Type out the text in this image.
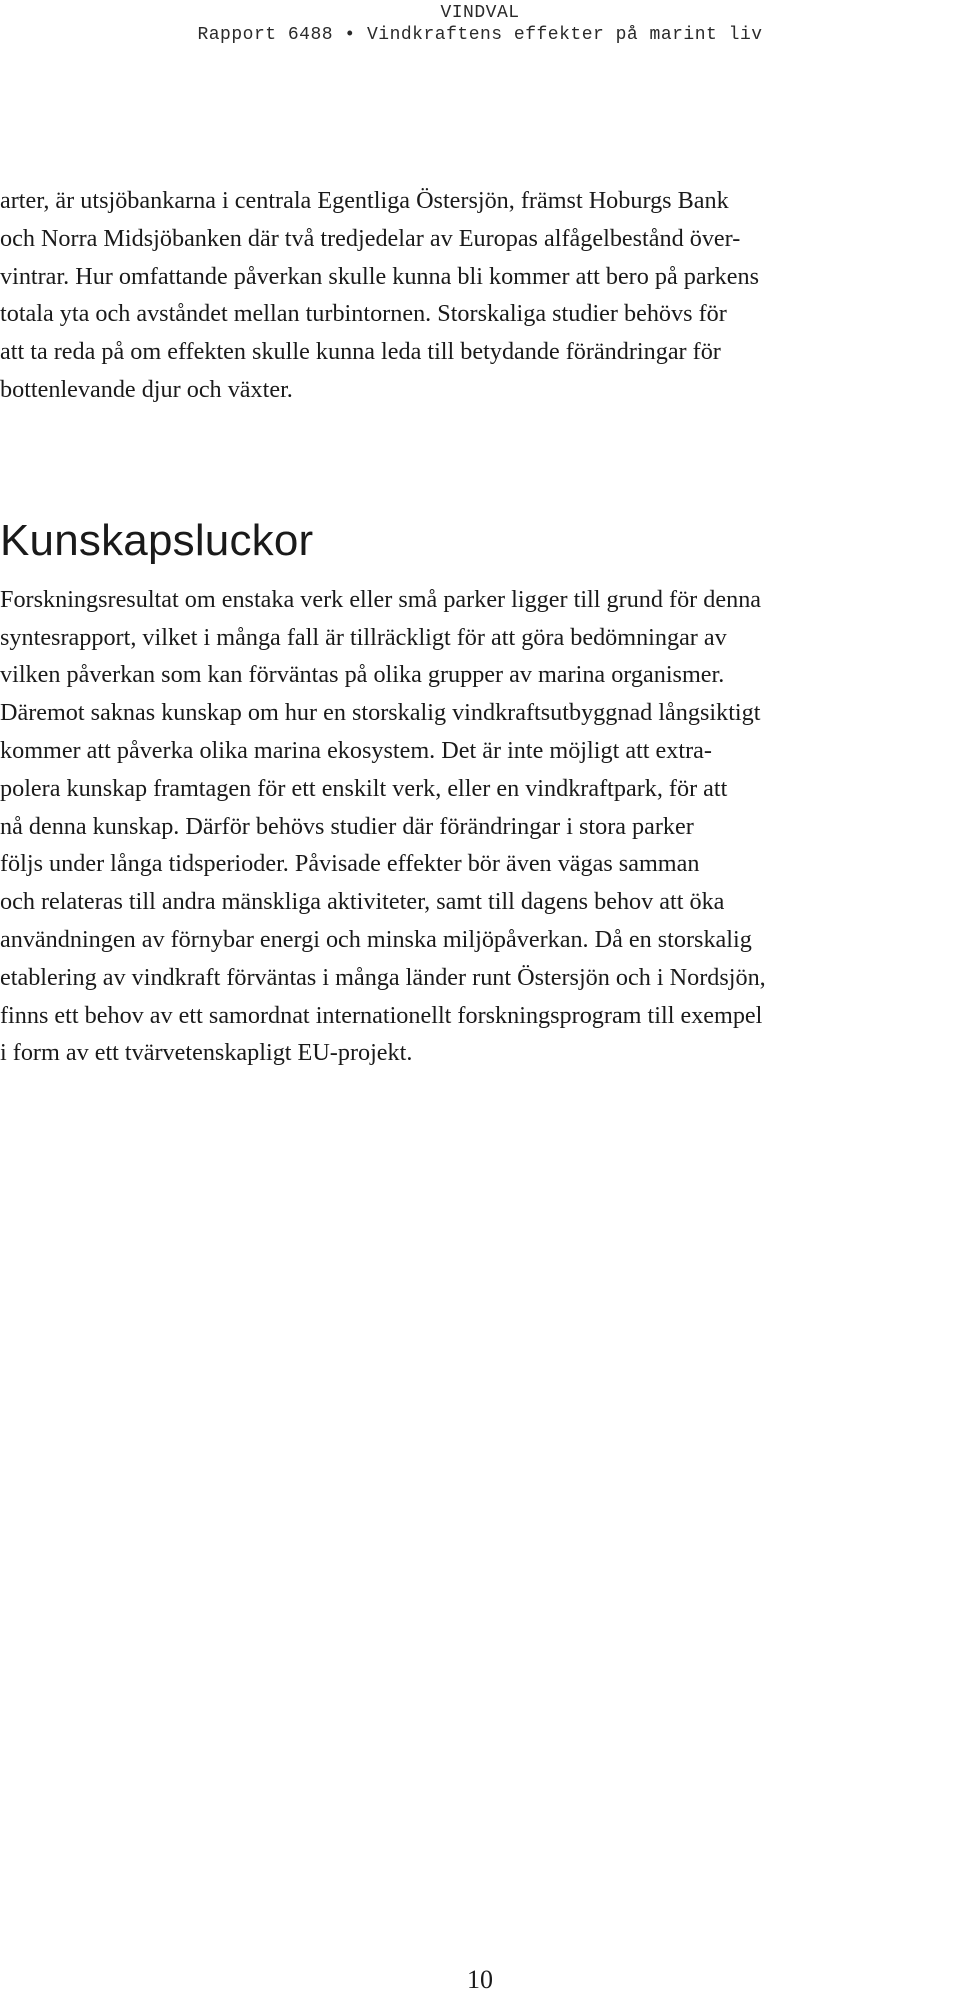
VINDVAL
Rapport 6488 • Vindkraftens effekter på marint liv

arter, är utsjöbankarna i centrala Egentliga Östersjön, främst Hoburgs Bank
och Norra Midsjöbanken där två tredjedelar av Europas alfågelbestånd över-
vintrar. Hur omfattande påverkan skulle kunna bli kommer att bero på parkens
totala yta och avståndet mellan turbintornen. Storskaliga studier behövs för
att ta reda på om effekten skulle kunna leda till betydande förändringar för
bottenlevande djur och växter.

Kunskapsluckor

Forskningsresultat om enstaka verk eller små parker ligger till grund för denna
syntesrapport, vilket i många fall är tillräckligt för att göra bedömningar av
vilken påverkan som kan förväntas på olika grupper av marina organismer.
Däremot saknas kunskap om hur en storskalig vindkraftsutbyggnad långsiktigt
kommer att påverka olika marina ekosystem. Det är inte möjligt att extra-
polera kunskap framtagen för ett enskilt verk, eller en vindkraftpark, för att
nå denna kunskap. Därför behövs studier där förändringar i stora parker
följs under långa tidsperioder. Påvisade effekter bör även vägas samman
och relateras till andra mänskliga aktiviteter, samt till dagens behov att öka
användningen av förnybar energi och minska miljöpåverkan. Då en storskalig
etablering av vindkraft förväntas i många länder runt Östersjön och i Nordsjön,
finns ett behov av ett samordnat internationellt forskningsprogram till exempel
i form av ett tvärvetenskapligt EU-projekt.

10
